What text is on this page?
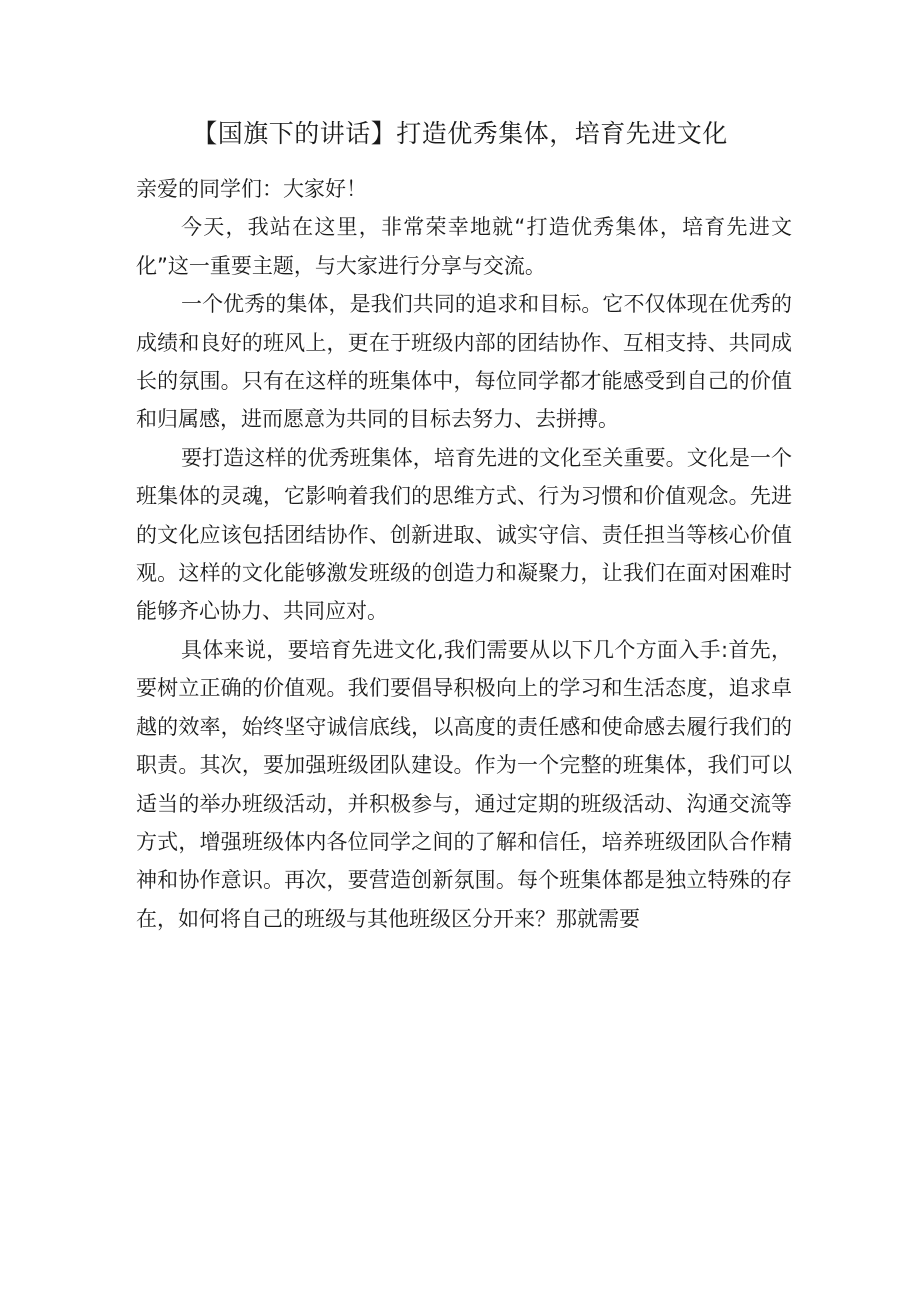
【国旗下的讲话】打造优秀集体，培育先进文化

亲爱的同学们：大家好！

今天，我站在这里，非常荣幸地就“打造优秀集体，培育先进文化”这一重要主题，与大家进行分享与交流。

一个优秀的集体，是我们共同的追求和目标。它不仅体现在优秀的成绩和良好的班风上，更在于班级内部的团结协作、互相支持、共同成长的氛围。只有在这样的班集体中，每位同学都才能感受到自己的价值和归属感，进而愿意为共同的目标去努力、去拼搏。

要打造这样的优秀班集体，培育先进的文化至关重要。文化是一个班集体的灵魂，它影响着我们的思维方式、行为习惯和价值观念。先进的文化应该包括团结协作、创新进取、诚实守信、责任担当等核心价值观。这样的文化能够激发班级的创造力和凝聚力，让我们在面对困难时能够齐心协力、共同应对。

具体来说，要培育先进文化,我们需要从以下几个方面入手:首先，要树立正确的价值观。我们要倡导积极向上的学习和生活态度，追求卓越的效率，始终坚守诚信底线，以高度的责任感和使命感去履行我们的职责。其次，要加强班级团队建设。作为一个完整的班集体，我们可以适当的举办班级活动，并积极参与，通过定期的班级活动、沟通交流等方式，增强班级体内各位同学之间的了解和信任，培养班级团队合作精神和协作意识。再次，要营造创新氛围。每个班集体都是独立特殊的存在，如何将自己的班级与其他班级区分开来？那就需要
